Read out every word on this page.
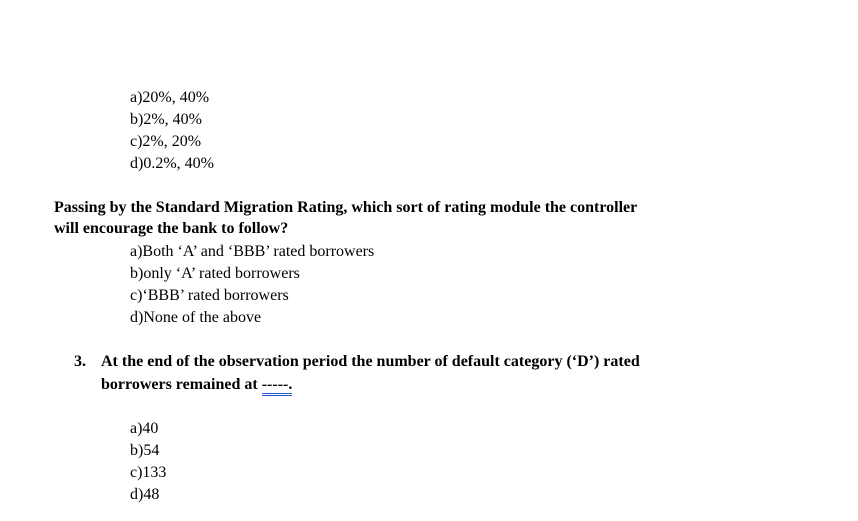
a)20%, 40%
b)2%, 40%
c)2%, 20%
d)0.2%, 40%
Passing by the Standard Migration Rating, which sort of rating module the controller
will encourage the bank to follow?
a)Both ‘A’ and ‘BBB’ rated borrowers
b)only ‘A’ rated borrowers
c)‘BBB’ rated borrowers
d)None of the above
3. At the end of the observation period the number of default category (‘D’) rated
borrowers remained at -----.
a)40
b)54
c)133
d)48
